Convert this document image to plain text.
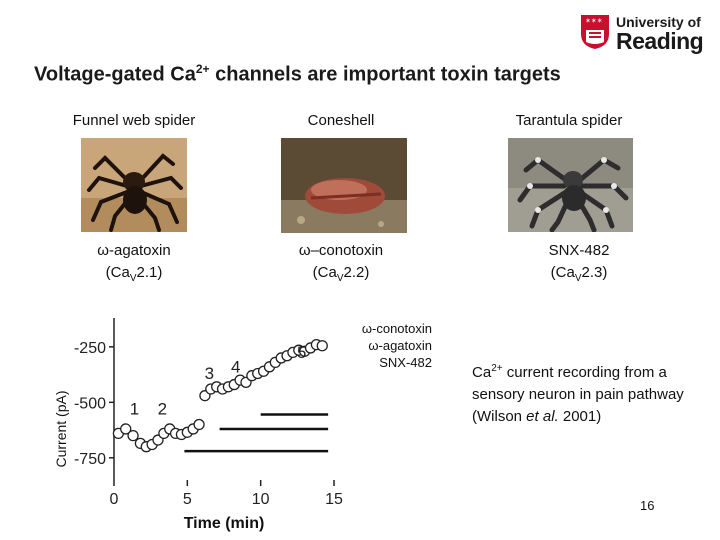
✶✶✶ University of
Reading
Voltage-gated $Ca^{2+}$ channels are important toxin targets
Funnel web spider	Coneshell	Tarantula spider
ω-agatoxin
$(Ca_V2.1)$
ω–conotoxin
$(Ca_V2.2)$
SNX-482
$(Ca_V2.3)$
-750
-500
-250
0	5	10	15
Time (min)
Current (pA)	1 2
3 4
5
ω-conotoxin
ω-agatoxin
SNX-482
$Ca^{2+}$ current recording from a sensory neuron in pain pathway (Wilson et al. 2001)
16
